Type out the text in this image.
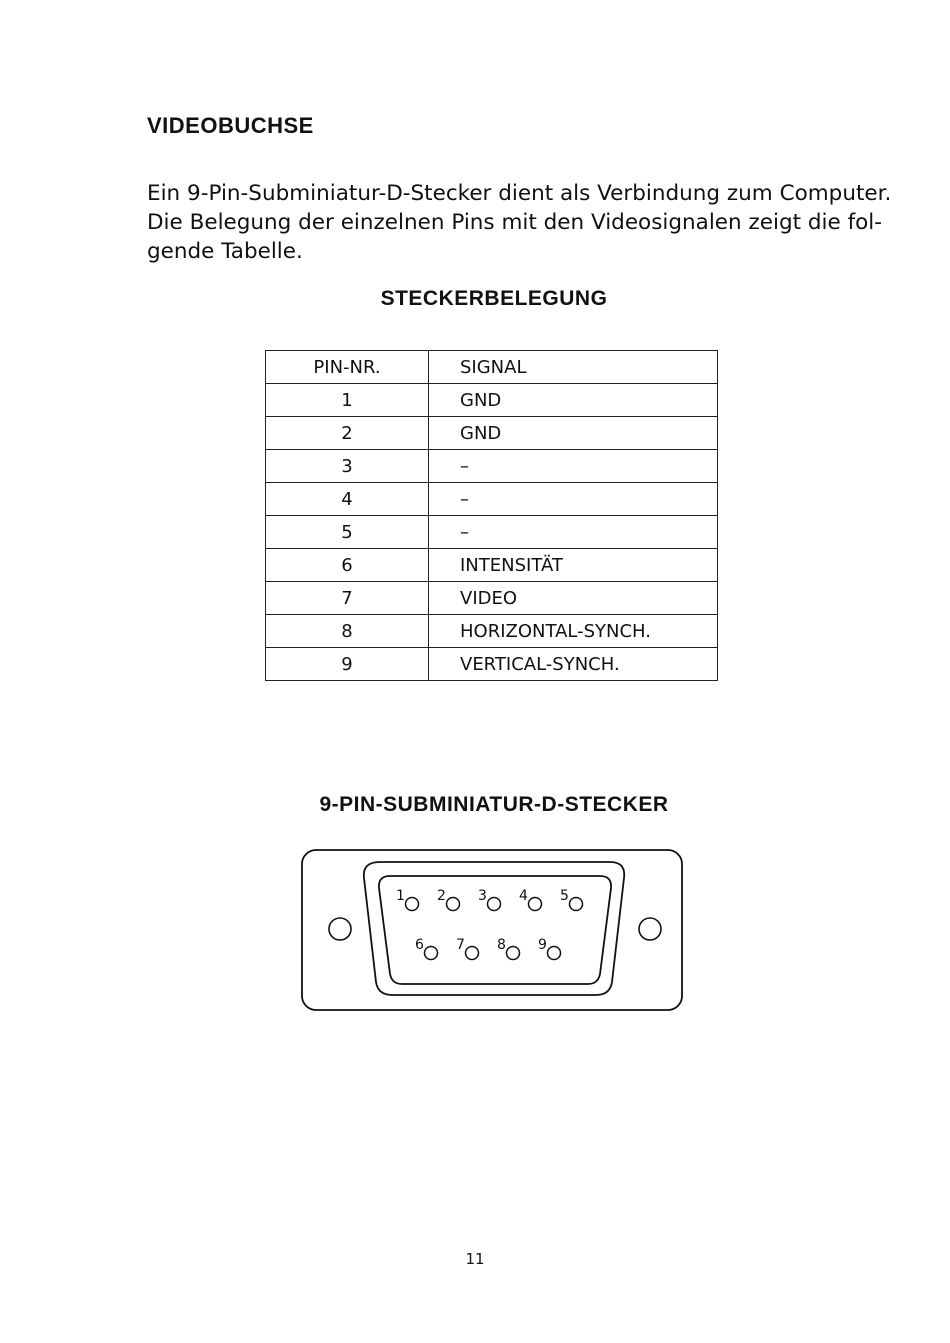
VIDEOBUCHSE

Ein 9-Pin-Subminiatur-D-Stecker dient als Verbindung zum Computer.
Die Belegung der einzelnen Pins mit den Videosignalen zeigt die fol-
gende Tabelle.

STECKERBELEGUNG
PIN-NR.	SIGNAL
1	GND
2	GND
3	–
4	–
5	–
6	INTENSITÄT
7	VIDEO
8	HORIZONTAL-SYNCH.
9	VERTICAL-SYNCH.
9-PIN-SUBMINIATUR-D-STECKER
1 2 3 4 5
6 7 8 9
11
